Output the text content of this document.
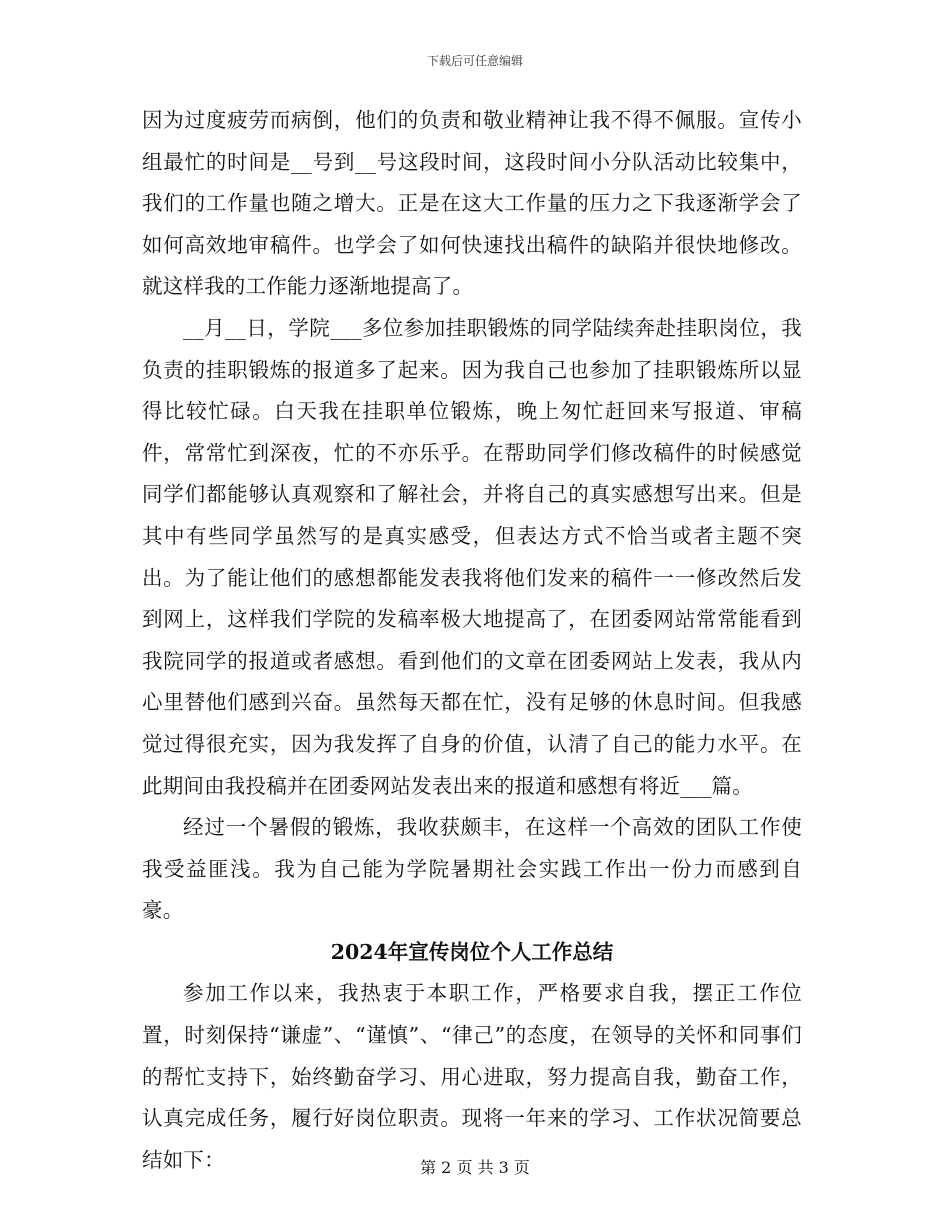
下载后可任意编辑

因为过度疲劳而病倒，他们的负责和敬业精神让我不得不佩服。宣传小组最忙的时间是__号到__号这段时间，这段时间小分队活动比较集中，我们的工作量也随之增大。正是在这大工作量的压力之下我逐渐学会了如何高效地审稿件。也学会了如何快速找出稿件的缺陷并很快地修改。就这样我的工作能力逐渐地提高了。

__月__日，学院___多位参加挂职锻炼的同学陆续奔赴挂职岗位，我负责的挂职锻炼的报道多了起来。因为我自己也参加了挂职锻炼所以显得比较忙碌。白天我在挂职单位锻炼，晚上匆忙赶回来写报道、审稿件，常常忙到深夜，忙的不亦乐乎。在帮助同学们修改稿件的时候感觉同学们都能够认真观察和了解社会，并将自己的真实感想写出来。但是其中有些同学虽然写的是真实感受，但表达方式不恰当或者主题不突出。为了能让他们的感想都能发表我将他们发来的稿件一一修改然后发到网上，这样我们学院的发稿率极大地提高了，在团委网站常常能看到我院同学的报道或者感想。看到他们的文章在团委网站上发表，我从内心里替他们感到兴奋。虽然每天都在忙，没有足够的休息时间。但我感觉过得很充实，因为我发挥了自身的价值，认清了自己的能力水平。在此期间由我投稿并在团委网站发表出来的报道和感想有将近___篇。

经过一个暑假的锻炼，我收获颇丰，在这样一个高效的团队工作使我受益匪浅。我为自己能为学院暑期社会实践工作出一份力而感到自豪。

2024年宣传岗位个人工作总结

参加工作以来，我热衷于本职工作，严格要求自我，摆正工作位置，时刻保持“谦虚”、“谨慎”、“律己”的态度，在领导的关怀和同事们的帮忙支持下，始终勤奋学习、用心进取，努力提高自我，勤奋工作，认真完成任务，履行好岗位职责。现将一年来的学习、工作状况简要总结如下：	第 2 页 共 3 页
